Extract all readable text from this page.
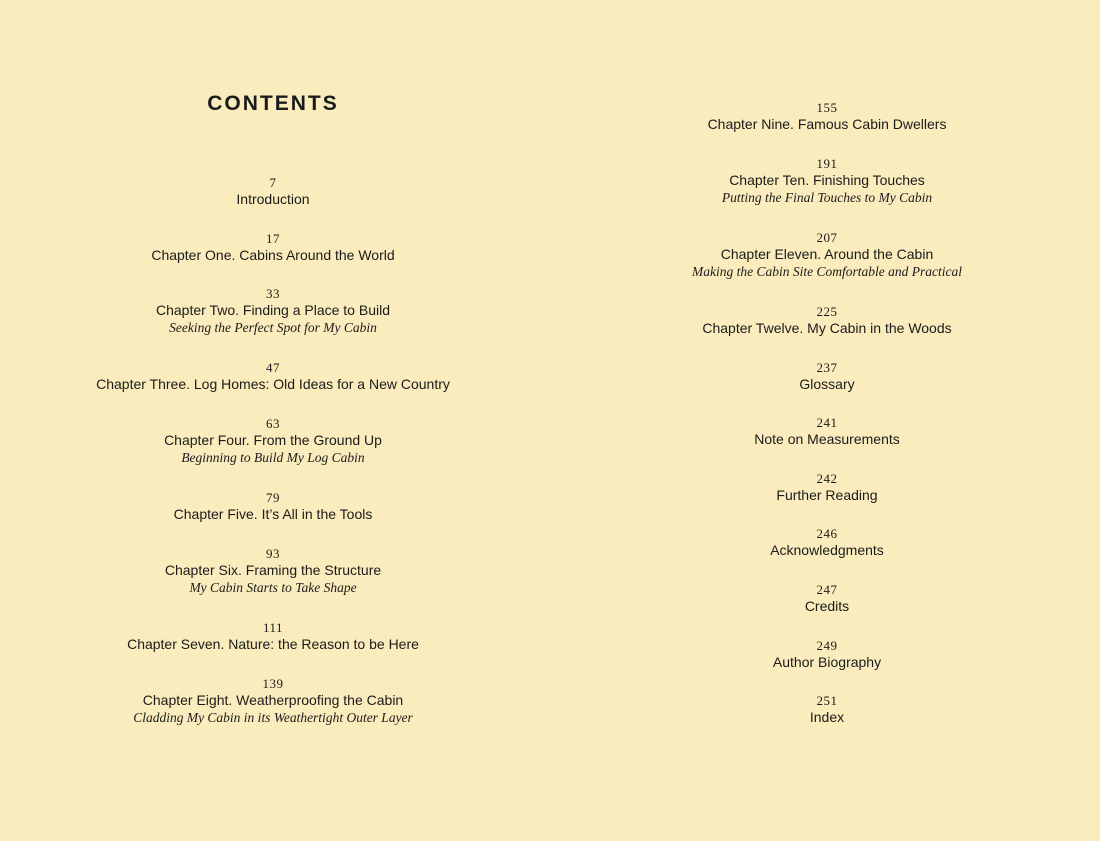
CONTENTS
7
Introduction
17
Chapter One. Cabins Around the World
33
Chapter Two. Finding a Place to Build
Seeking the Perfect Spot for My Cabin
47
Chapter Three. Log Homes: Old Ideas for a New Country
63
Chapter Four. From the Ground Up
Beginning to Build My Log Cabin
79
Chapter Five. It’s All in the Tools
93
Chapter Six. Framing the Structure
My Cabin Starts to Take Shape
111
Chapter Seven. Nature: the Reason to be Here
139
Chapter Eight. Weatherproofing the Cabin
Cladding My Cabin in its Weathertight Outer Layer
155
Chapter Nine. Famous Cabin Dwellers
191
Chapter Ten. Finishing Touches
Putting the Final Touches to My Cabin
207
Chapter Eleven. Around the Cabin
Making the Cabin Site Comfortable and Practical
225
Chapter Twelve. My Cabin in the Woods
237
Glossary
241
Note on Measurements
242
Further Reading
246
Acknowledgments
247
Credits
249
Author Biography
251
Index
